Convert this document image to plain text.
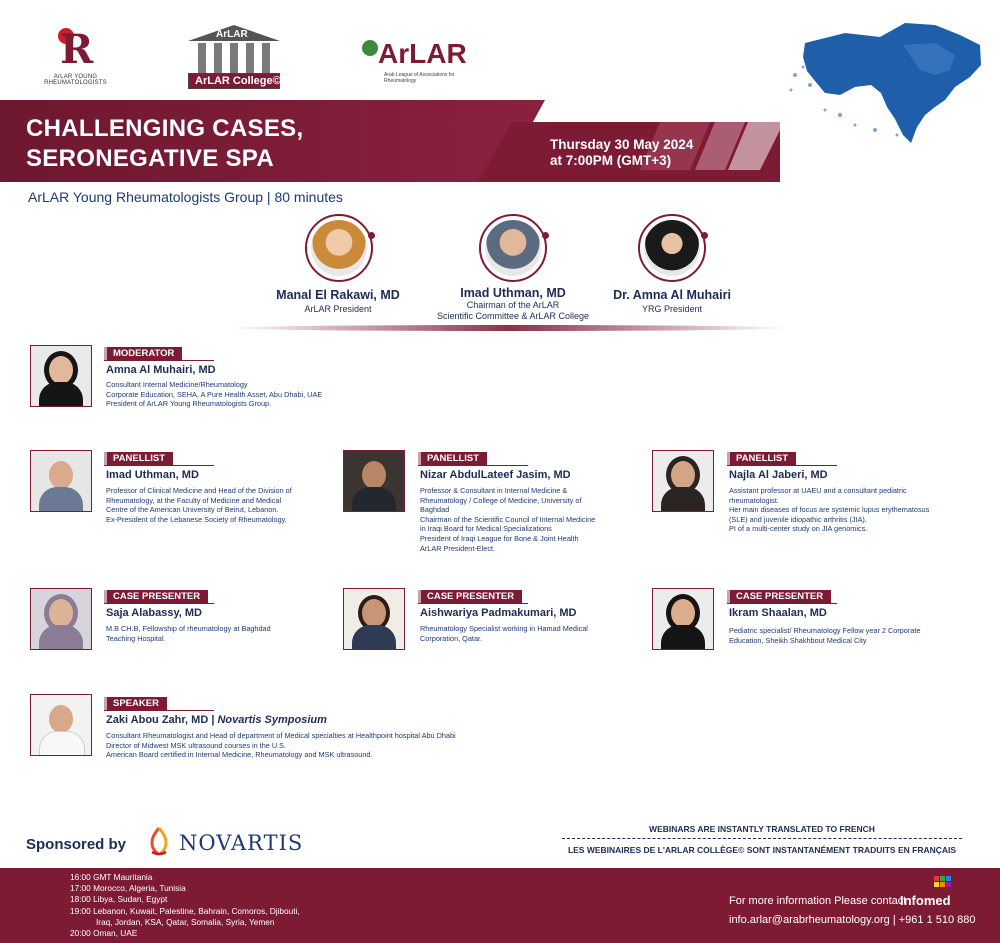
R
ArLAR YOUNG RHEUMATOLOGISTS
ArLAR
ArLAR College©
ArLAR
Arab League of Associations for Rheumatology
CHALLENGING CASES,
SERONEGATIVE SPA
Thursday 30 May 2024
at 7:00PM (GMT+3)
ArLAR Young Rheumatologists Group | 80 minutes
Manal El Rakawi, MD
ArLAR President
Imad Uthman, MD
Chairman of the ArLAR
Scientific Committee & ArLAR College
Dr. Amna Al Muhairi
YRG President
MODERATOR
Amna Al Muhairi, MD
Consultant Internal Medicine/Rheumatology
Corporate Education, SEHA, A Pure Health Asset, Abu Dhabi, UAE
President of ArLAR Young Rheumatologists Group.
PANELLIST
Imad Uthman, MD
Professor of Clinical Medicine and Head of the Division of
Rheumatology, at the Faculty of Medicine and Medical
Centre of the American University of Beirut, Lebanon.
Ex-President of the Lebanese Society of Rheumatology.
PANELLIST
Nizar AbdulLateef Jasim, MD
Professor & Consultant in Internal Medicine &
Rheumatology / College of Medicine, University of
Baghdad
Chairman of the Scientific Council of Internal Medicine
in Iraqi Board for Medical Specializations
President of Iraqi League for Bone & Joint Health
ArLAR President-Elect.
PANELLIST
Najla Al Jaberi, MD
Assistant professor at UAEU and a consultant pediatric
rheumatologist.
Her main diseases of focus are systemic lupus erythematosus
(SLE) and juvenile idiopathic arthritis (JIA).
PI of a multi-center study on JIA genomics.
CASE PRESENTER
Saja Alabassy, MD
M.B CH.B, Fellowship of rheumatology at Baghdad
Teaching Hospital.
CASE PRESENTER
Aishwariya Padmakumari, MD
Rheumatology Specialist working in Hamad Medical
Corporation, Qatar.
CASE PRESENTER
Ikram Shaalan, MD
Pediatric specialist/ Rheumatology Fellow year 2 Corporate
Education, Sheikh Shakhbout Medical City
SPEAKER
Zaki Abou Zahr, MD | Novartis Symposium
Consultant Rheumatologist and Head of department of Medical specialties at Healthpoint hospital Abu Dhabi
Director of Midwest MSK ultrasound courses in the U.S.
American Board certified in Internal Medicine, Rheumatology and MSK ultrasound.
Sponsored by	NOVARTIS
WEBINARS ARE INSTANTLY TRANSLATED TO FRENCH
LES WEBINAIRES DE L'ARLAR COLLÈGE© SONT INSTANTANÉMENT TRADUITS EN FRANÇAIS
16:00 GMT Mauritania
17:00 Morocco, Algeria, Tunisia
18:00 Libya, Sudan, Egypt
19:00 Lebanon, Kuwait, Palestine, Bahrain, Comoros, Djibouti,
Iraq, Jordan, KSA, Qatar, Somalia, Syria, Yemen
20:00 Oman, UAE
For more information Please contact
Infomed
info.arlar@arabrheumatology.org | +961 1 510 880
